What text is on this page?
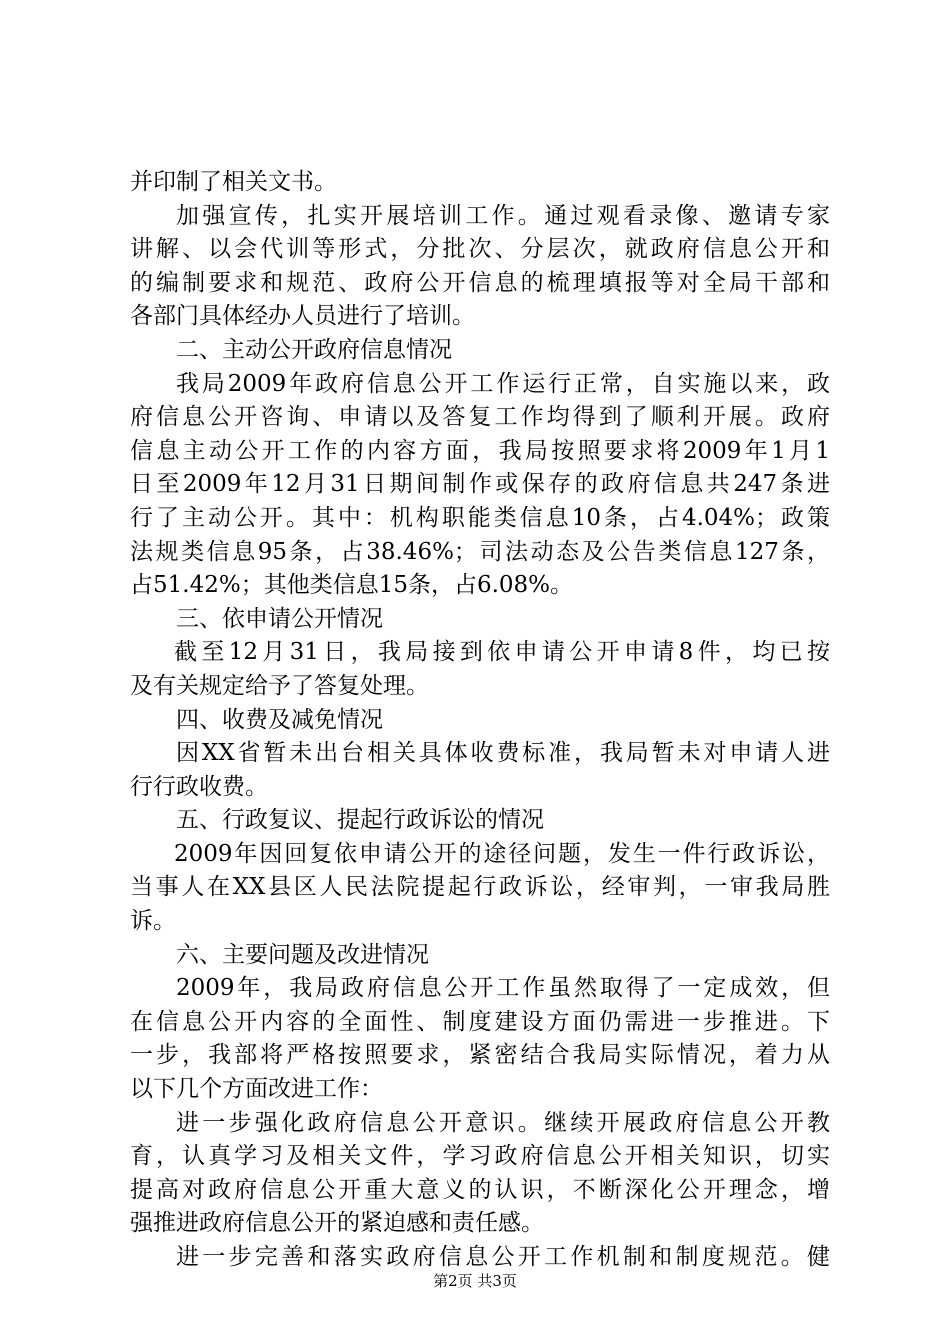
并印制了相关文书。
加强宣传，扎实开展培训工作。通过观看录像、邀请专家
讲解、以会代训等形式，分批次、分层次，就政府信息公开和
的编制要求和规范、政府公开信息的梳理填报等对全局干部和
各部门具体经办人员进行了培训。
二、主动公开政府信息情况
我局2009年政府信息公开工作运行正常，自实施以来，政
府信息公开咨询、申请以及答复工作均得到了顺利开展。政府
信息主动公开工作的内容方面，我局按照要求将2009年1月1
日至2009年12月31日期间制作或保存的政府信息共247条进
行了主动公开。其中：机构职能类信息10条，占4.04%；政策
法规类信息95条，占38.46%；司法动态及公告类信息127条，
占51.42%；其他类信息15条，占6.08%。
三、依申请公开情况
截至12月31日，我局接到依申请公开申请8件，均已按
及有关规定给予了答复处理。
四、收费及减免情况
因XX省暂未出台相关具体收费标准，我局暂未对申请人进
行行政收费。
五、行政复议、提起行政诉讼的情况
2009年因回复依申请公开的途径问题，发生一件行政诉讼，
当事人在XX县区人民法院提起行政诉讼，经审判，一审我局胜
诉。
六、主要问题及改进情况
2009年，我局政府信息公开工作虽然取得了一定成效，但
在信息公开内容的全面性、制度建设方面仍需进一步推进。下
一步，我部将严格按照要求，紧密结合我局实际情况，着力从
以下几个方面改进工作：
进一步强化政府信息公开意识。继续开展政府信息公开教
育，认真学习及相关文件，学习政府信息公开相关知识，切实
提高对政府信息公开重大意义的认识，不断深化公开理念，增
强推进政府信息公开的紧迫感和责任感。
进一步完善和落实政府信息公开工作机制和制度规范。健
第2页 共3页
